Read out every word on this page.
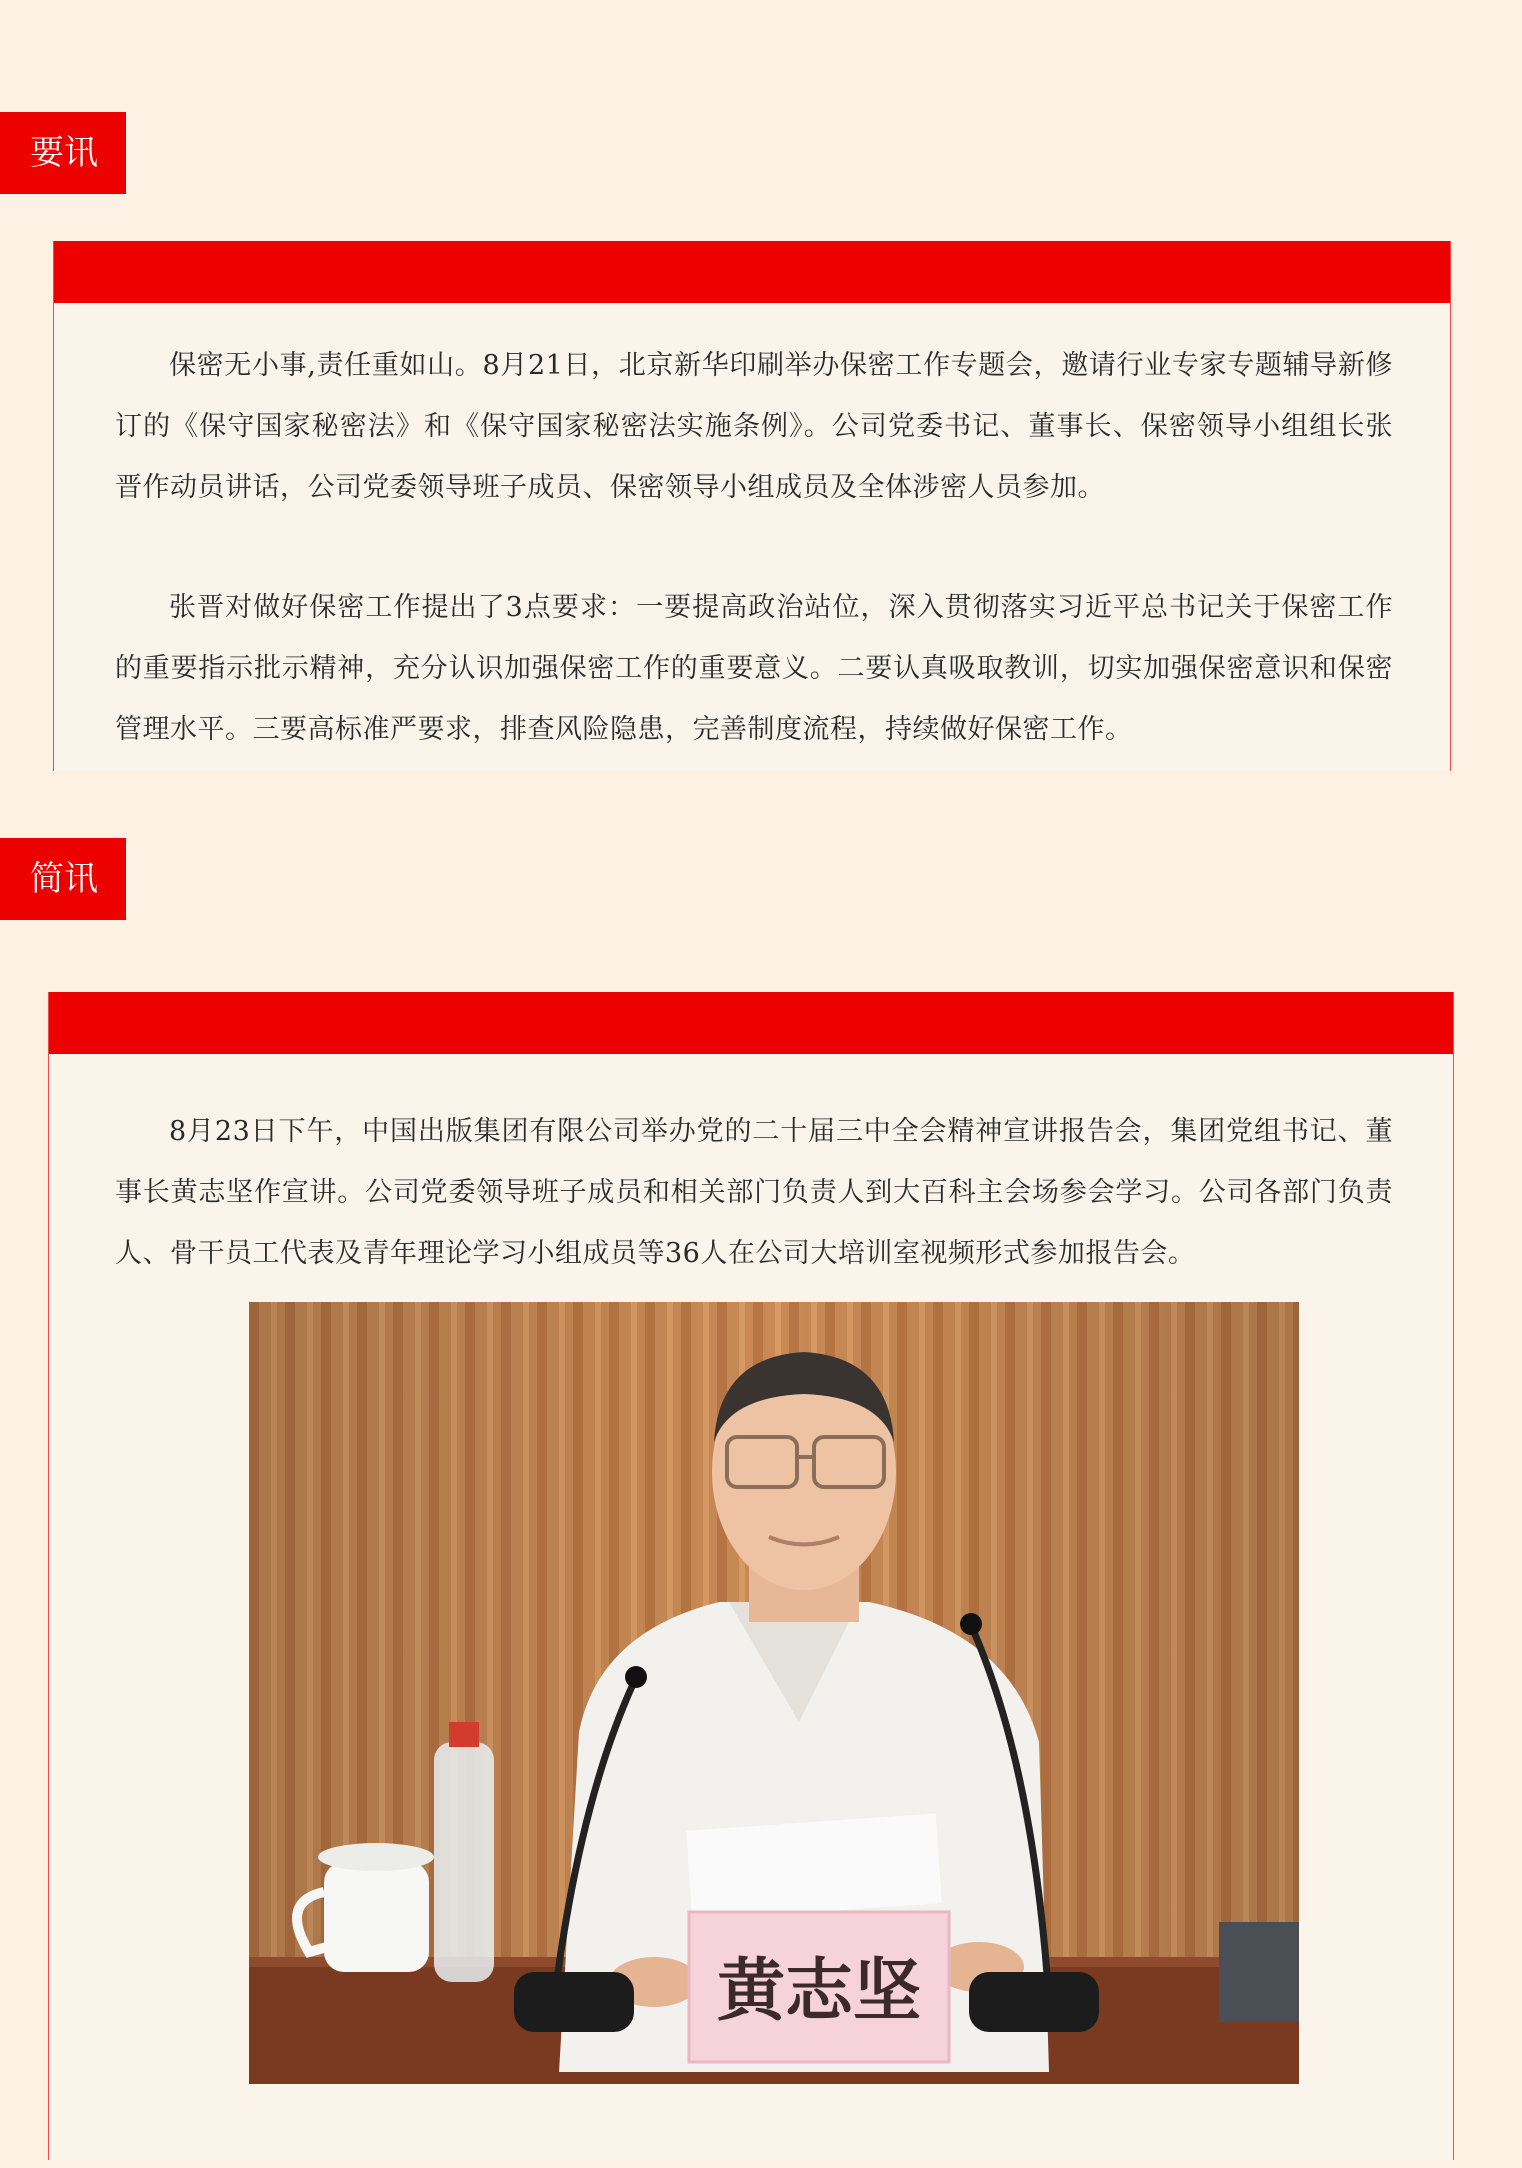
要讯

保密无小事,责任重如山。8月21日，北京新华印刷举办保密工作专题会，邀请行业专家专题辅导新修订的《保守国家秘密法》和《保守国家秘密法实施条例》。公司党委书记、董事长、保密领导小组组长张晋作动员讲话，公司党委领导班子成员、保密领导小组成员及全体涉密人员参加。

张晋对做好保密工作提出了3点要求：一要提高政治站位，深入贯彻落实习近平总书记关于保密工作的重要指示批示精神，充分认识加强保密工作的重要意义。二要认真吸取教训，切实加强保密意识和保密管理水平。三要高标准严要求，排查风险隐患，完善制度流程，持续做好保密工作。

简讯

8月23日下午，中国出版集团有限公司举办党的二十届三中全会精神宣讲报告会，集团党组书记、董事长黄志坚作宣讲。公司党委领导班子成员和相关部门负责人到大百科主会场参会学习。公司各部门负责人、骨干员工代表及青年理论学习小组成员等36人在公司大培训室视频形式参加报告会。

黄志坚
